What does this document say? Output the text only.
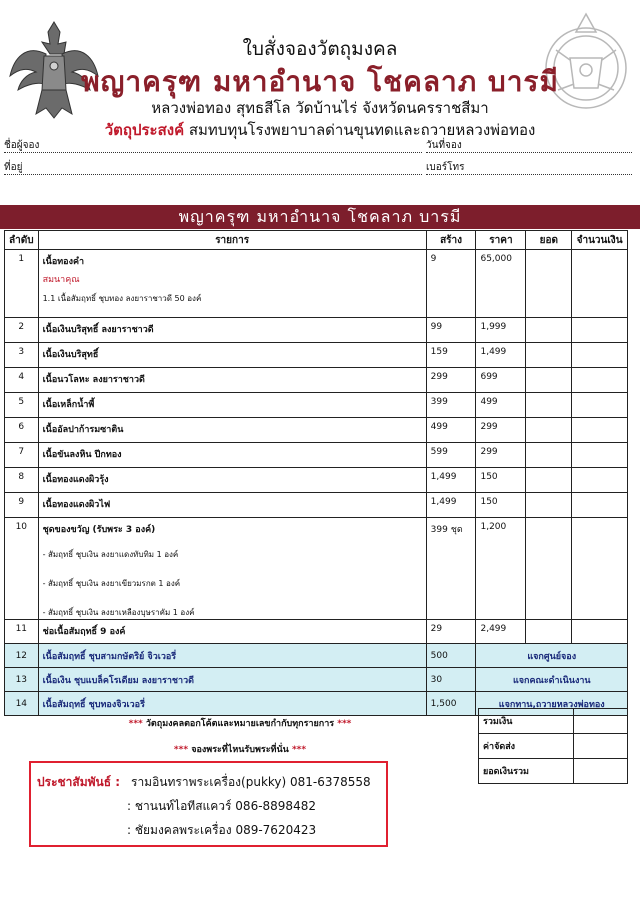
ใบสั่งจองวัตถุมงคล
พญาครุฑ มหาอำนาจ โชคลาภ บารมี
หลวงพ่อทอง สุทธสีโล วัดบ้านไร่ จังหวัดนครราชสีมา
วัตถุประสงค์ สมทบทุนโรงพยาบาลด่านขุนทดและถวายหลวงพ่อทอง
ชื่อผู้จอง	วันที่จอง
ที่อยู่	เบอร์โทร
พญาครุฑ มหาอำนาจ โชคลาภ บารมี
ลำดับ	รายการ	สร้าง	ราคา	ยอด	จำนวนเงิน
1	เนื้อทองคำ
สมนาคุณ
1.1 เนื้อสัมฤทธิ์ ชุบทอง ลงยาราชาวดี 50 องค์	9	65,000		
2	เนื้อเงินบริสุทธิ์ ลงยาราชาวดี	99	1,999		
3	เนื้อเงินบริสุทธิ์	159	1,499		
4	เนื้อนวโลหะ ลงยาราชาวดี	299	699		
5	เนื้อเหล็กน้ำพี้	399	499		
6	เนื้ออัลปาก้ารมซาติน	499	299		
7	เนื้อขันลงหิน ปีกทอง	599	299		
8	เนื้อทองแดงผิวรุ้ง	1,499	150		
9	เนื้อทองแดงผิวไฟ	1,499	150		
10	ชุดของขวัญ (รับพระ 3 องค์)
- สัมฤทธิ์ ชุบเงิน ลงยาแดงทับทิม 1 องค์
- สัมฤทธิ์ ชุบเงิน ลงยาเขียวมรกต 1 องค์
- สัมฤทธิ์ ชุบเงิน ลงยาเหลืองบุษราคัม 1 องค์	399 ชุด	1,200		
11	ช่อเนื้อสัมฤทธิ์ 9 องค์	29	2,499		
12	เนื้อสัมฤทธิ์ ชุบสามกษัตริย์ จิวเวอรี่	500	แจกศูนย์จอง		
13	เนื้อเงิน ชุบแบล็คโรเดียม ลงยาราชาวดี	30	แจกคณะดำเนินงาน		
14	เนื้อสัมฤทธิ์ ชุบทองจิวเวอรี่	1,500	แจกทาน,ถวายหลวงพ่อทอง		
*** วัตถุมงคลตอกโค้ตและหมายเลขกำกับทุกรายการ ***
*** จองพระที่ไหนรับพระที่นั่น ***
รวมเงิน	
ค่าจัดส่ง	
ยอดเงินรวม	
ประชาสัมพันธ์ : รามอินทราพระเครื่อง(pukky) 081-6378558
: ชานนท์ไอทีสแควร์ 086-8898482
: ชัยมงคลพระเครื่อง 089-7620423
